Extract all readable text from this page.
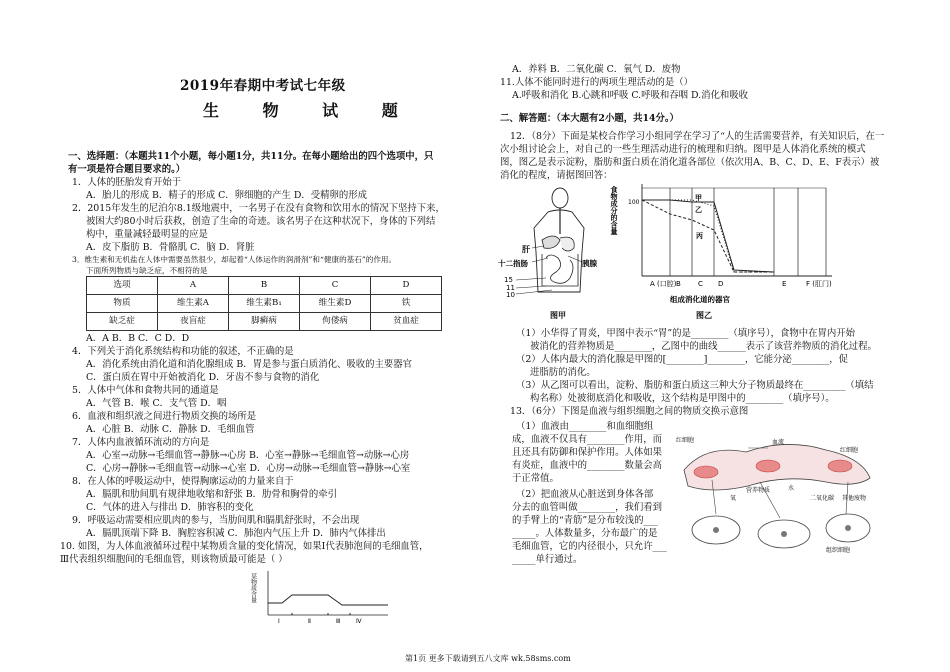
2019年春期中考试七年级
生 物 试 题
一、选择题：（本题共11个小题，每小题1分，共11分。在每小题给出的四个选项中，只
有一项是符合题目要求的。）
1．人体的胚胎发育开始于
A．胎儿的形成 B．精子的形成 C．卵细胞的产生 D．受精卵的形成
2．2015年发生的尼泊尔8.1级地震中，一名男子在没有食物和饮用水的情况下坚持下来，
被困大约80小时后获救，创造了生命的奇迹。该名男子在这种状况下，身体的下列结
构中，重量减轻最明显的应是
A．皮下脂肪 B．骨骼肌 C．脑 D．肾脏
3．维生素和无机盐在人体中需要虽然很少，却起着“人体运作的润滑剂”和“健康的基石”的作用。
下面所列物质与缺乏症，不相符的是
选项	A	B	C	D
物质	维生素A	维生素B₁	维生素D	铁
缺乏症	夜盲症	脚癣病	佝偻病	贫血症
A．A B．B C．C D．D
4．下列关于消化系统结构和功能的叙述，不正确的是
A．消化系统由消化道和消化腺组成 B．胃是参与蛋白质消化、吸收的主要器官
C．蛋白质在胃中开始被消化 D．牙齿不参与食物的消化
5．人体中气体和食物共同的通道是
A．气管 B．喉 C．支气管 D．咽
6．血液和组织液之间进行物质交换的场所是
A．心脏 B．动脉 C．静脉 D．毛细血管
7．人体内血液循环流动的方向是
A．心室→动脉→毛细血管→静脉→心房 B．心室→静脉→毛细血管→动脉→心房
C．心房→静脉→毛细血管→动脉→心室 D．心房→动脉→毛细血管→静脉→心室
8．在人体的呼吸运动中，使得胸廓运动的力量来自于
A．膈肌和肋间肌有规律地收缩和舒张 B．肋骨和胸骨的牵引
C．气体的进入与排出 D．肺容积的变化
9．呼吸运动需要相应肌肉的参与，当肋间肌和膈肌舒张时，不会出现
A．膈肌顶端下降 B．胸腔容积减 C．肺泡内气压上升 D．肺内气体排出
10. 如图，为人体血液循环过程中某物质含量的变化情况，如果Ⅰ代表肺泡间的毛细血管，
Ⅲ代表组织细胞间的毛细血管，则该物质最可能是（ ）
某物质含量
Ⅰ	Ⅱ	Ⅲ	Ⅳ
A．养料 B．二氧化碳 C．氧气 D．废物
11.人体不能同时进行的两项生理活动的是（）
A.呼吸和消化 B.心跳和呼吸 C.呼吸和吞咽 D.消化和吸收
二、解答题：（本大题有2小题，共14分。）
12．（8分）下面是某校合作学习小组同学在学习了“人的生活需要营养，有关知识后，在一
次小组讨论会上，对自己的一些生理活动进行的梳理和归纳。图甲是人体消化系统的模式
图，图乙是表示淀粉，脂肪和蛋白质在消化道各部位（依次用A、B、C、D、E、F表示）被
消化的程度，请据图回答：
肝
十二指肠	胰腺
15
11
10
图甲
食物成分的含量 100
甲
乙
丙
A (口腔) B C D	E	F (肛门)
组成消化道的器官
图乙
（1）小华得了胃炎，甲图中表示“胃”的是________（填序号），食物中在胃内开始
被消化的营养物质是________，乙图中的曲线______表示了该营养物质的消化过程。
（2）人体内最大的消化腺是甲图的[________]________，它能分泌________，促
进脂肪的消化。
（3）从乙图可以看出，淀粉、脂肪和蛋白质这三种大分子物质最终在_________（填结
构名称）处被彻底消化和吸收，这个结构是甲图中的________（填序号）。
13．（6分）下图是血液与组织细胞之间的物质交换示意图
（1）血液由________和血细胞组
成，血液不仅具有________作用，而
且还具有防御和保护作用。人体如果
有炎症，血液中的________数量会高
于正常值。
（2）把血液从心脏送到身体各部
分去的血管叫做________，我们看到
的手臂上的“青筋”是分布较浅的___
_____。人体数量多，分布最广的是
毛细血管，它的内径很小，只允许___
_____单行通过。
红细胞	血流
红细胞
氧
营养物质	水
二氧化碳 其他废物
组织细胞
第1页 更多下载请到五八文库 wk.58sms.com
